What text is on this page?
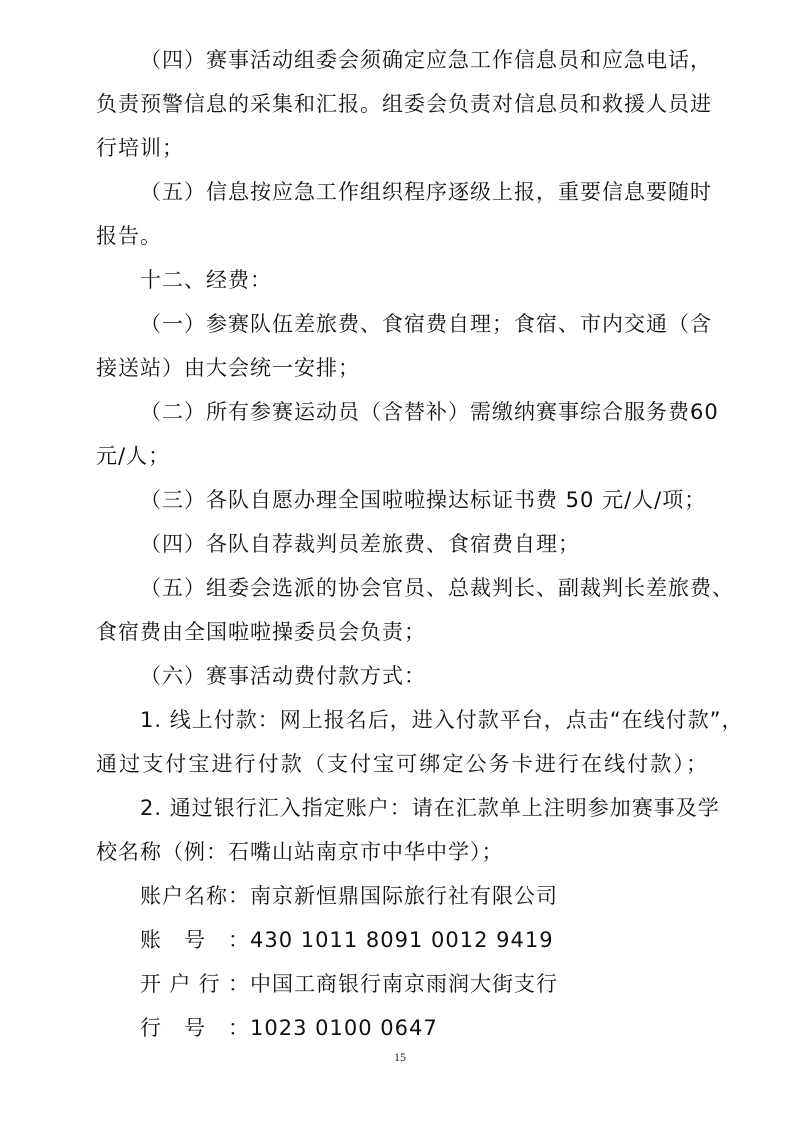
（四）赛事活动组委会须确定应急工作信息员和应急电话，
负责预警信息的采集和汇报。组委会负责对信息员和救援人员进
行培训；
（五）信息按应急工作组织程序逐级上报，重要信息要随时
报告。
十二、经费：
（一）参赛队伍差旅费、食宿费自理；食宿、市内交通（含
接送站）由大会统一安排；
（二）所有参赛运动员（含替补）需缴纳赛事综合服务费60
元/人；
（三）各队自愿办理全国啦啦操达标证书费 50 元/人/项；
（四）各队自荐裁判员差旅费、食宿费自理；
（五）组委会选派的协会官员、总裁判长、副裁判长差旅费、
食宿费由全国啦啦操委员会负责；
（六）赛事活动费付款方式：
1. 线上付款：网上报名后，进入付款平台，点击“在线付款”，
通过支付宝进行付款（支付宝可绑定公务卡进行在线付款）；
2. 通过银行汇入指定账户：请在汇款单上注明参加赛事及学
校名称（例：石嘴山站南京市中华中学）；
账户名称：南京新恒鼎国际旅行社有限公司
账号：430 1011 8091 0012 9419
开户行：中国工商银行南京雨润大街支行
15
行号：1023 0100 0647
